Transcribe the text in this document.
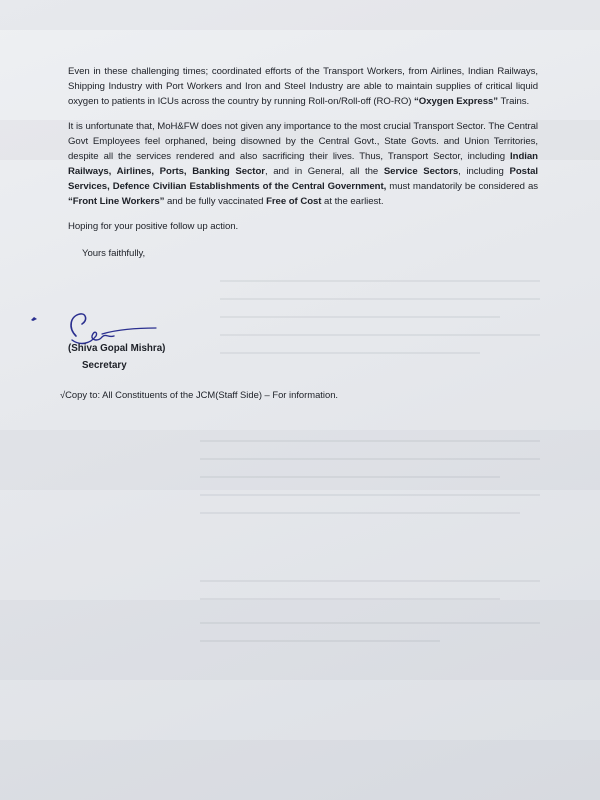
Even in these challenging times; coordinated efforts of the Transport Workers, from Airlines, Indian Railways, Shipping Industry with Port Workers and Iron and Steel Industry are able to maintain supplies of critical liquid oxygen to patients in ICUs across the country by running Roll-on/Roll-off (RO-RO) “Oxygen Express” Trains.

It is unfortunate that, MoH&FW does not given any importance to the most crucial Transport Sector. The Central Govt Employees feel orphaned, being disowned by the Central Govt., State Govts. and Union Territories, despite all the services rendered and also sacrificing their lives. Thus, Transport Sector, including Indian Railways, Airlines, Ports, Banking Sector, and in General, all the Service Sectors, including Postal Services, Defence Civilian Establishments of the Central Government, must mandatorily be considered as “Front Line Workers” and be fully vaccinated Free of Cost at the earliest.

Hoping for your positive follow up action.

Yours faithfully,
(Shiva Gopal Mishra)
Secretary
√Copy to: All Constituents of the JCM(Staff Side) – For information.
